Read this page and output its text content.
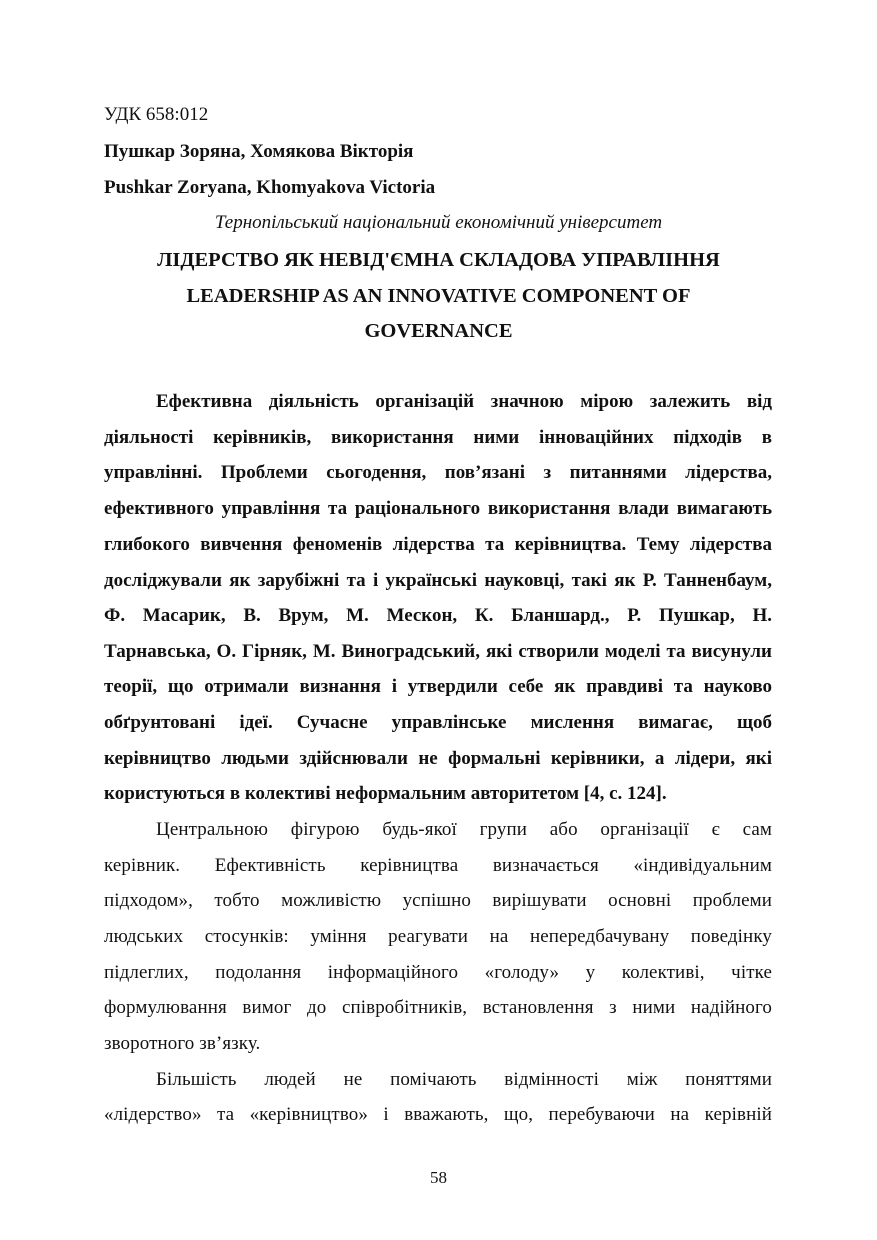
УДК 658:012
Пушкар Зоряна, Хомякова Вікторія
Pushkar Zoryana, Khomyakova Victoria
Тернопільський національний економічний університет
ЛІДЕРСТВО ЯК НЕВІД'ЄМНА СКЛАДОВА УПРАВЛІННЯ
LEADERSHIP AS AN INNOVATIVE COMPONENT OF
GOVERNANCE
Ефективна діяльність організацій значною мірою залежить від
діяльності керівників, використання ними інноваційних підходів в
управлінні. Проблеми сьогодення, пов’язані з питаннями лідерства,
ефективного управління та раціонального використання влади вимагають
глибокого вивчення феноменів лідерства та керівництва. Тему лідерства
досліджували як зарубіжні та і українські науковці, такі як Р. Танненбаум,
Ф. Масарик, В. Врум, М. Мескон, К. Бланшард., Р. Пушкар, Н.
Тарнавська, О. Гірняк, М. Виноградський, які створили моделі та висунули
теорії, що отримали визнання і утвердили себе як правдиві та науково
обґрунтовані ідеї. Сучасне управлінське мислення вимагає, щоб
керівництво людьми здійснювали не формальні керівники, а лідери, які
користуються в колективі неформальним авторитетом [4, с. 124].
Центральною фігурою будь-якої групи або організації є сам
керівник. Ефективність керівництва визначається «індивідуальним
підходом», тобто можливістю успішно вирішувати основні проблеми
людських стосунків: уміння реагувати на непередбачувану поведінку
підлеглих, подолання інформаційного «голоду» у колективі, чітке
формулювання вимог до співробітників, встановлення з ними надійного
зворотного зв’язку.
Більшість людей не помічають відмінності між поняттями
«лідерство» та «керівництво» і вважають, що, перебуваючи на керівній
58
